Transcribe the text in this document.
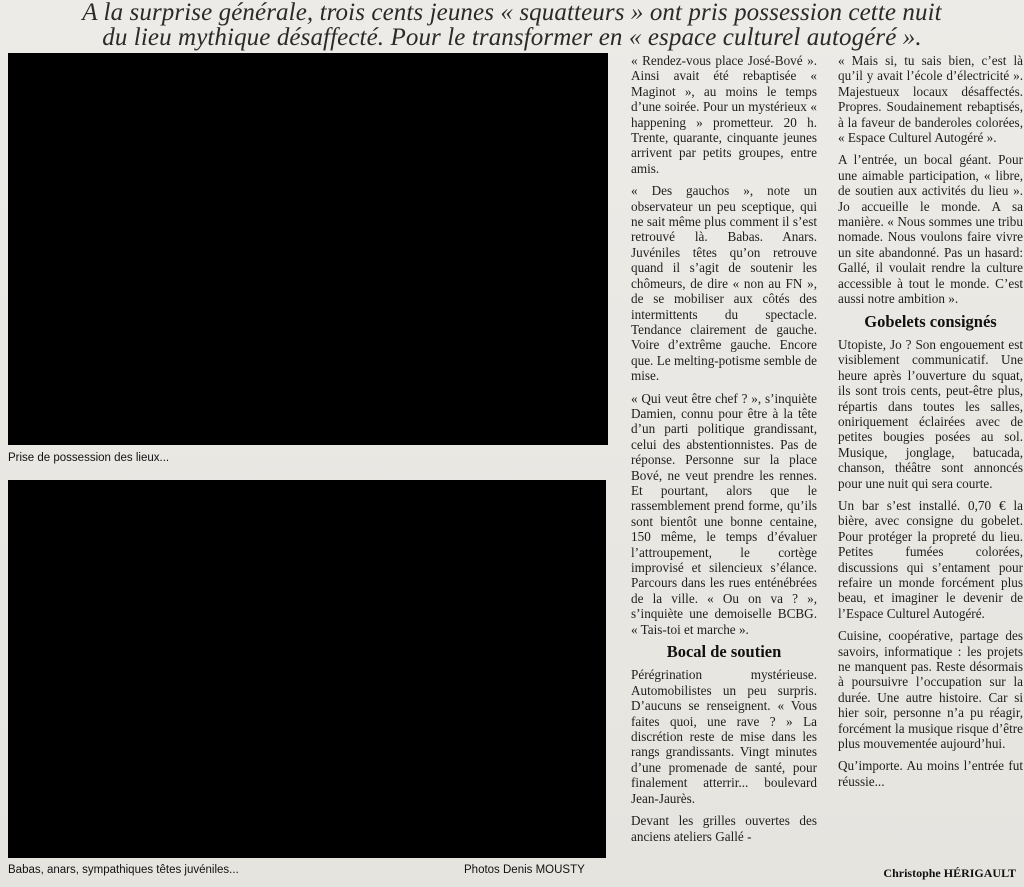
A la surprise générale, trois cents jeunes « squatteurs » ont pris possession cette nuit
du lieu mythique désaffecté. Pour le transformer en « espace culturel autogéré ».
Prise de possession des lieux...
Babas, anars, sympathiques têtes juvéniles...	Photos Denis MOUSTY

« Rendez-vous place José-Bové ». Ainsi avait été rebaptisée « Maginot », au moins le temps d’une soirée. Pour un mystérieux « happening » prometteur. 20 h. Trente, quarante, cinquante jeunes arrivent par petits groupes, entre amis.

« Des gauchos », note un observateur un peu sceptique, qui ne sait même plus comment il s’est retrouvé là. Babas. Anars. Juvéniles têtes qu’on retrouve quand il s’agit de soutenir les chômeurs, de dire « non au FN », de se mobiliser aux côtés des intermittents du spectacle. Tendance clairement de gauche. Voire d’extrême gauche. Encore que. Le melting-potisme semble de mise.

« Qui veut être chef ? », s’inquiète Damien, connu pour être à la tête d’un parti politique grandissant, celui des abstentionnistes. Pas de réponse. Personne sur la place Bové, ne veut prendre les rennes. Et pourtant, alors que le rassemblement prend forme, qu’ils sont bientôt une bonne centaine, 150 même, le temps d’évaluer l’attroupement, le cortège improvisé et silencieux s’élance. Parcours dans les rues enténébrées de la ville. « Ou on va ? », s’inquiète une demoiselle BCBG. « Tais-toi et marche ».

Bocal de soutien

Pérégrination mystérieuse. Automobilistes un peu surpris. D’aucuns se renseignent. « Vous faites quoi, une rave ? » La discrétion reste de mise dans les rangs grandissants. Vingt minutes d’une promenade de santé, pour finalement atterrir... boulevard Jean-Jaurès.

Devant les grilles ouvertes des anciens ateliers Gallé -

« Mais si, tu sais bien, c’est là qu’il y avait l’école d’électricité ». Majestueux locaux désaffectés. Propres. Soudainement rebaptisés, à la faveur de banderoles colorées, « Espace Culturel Autogéré ».

A l’entrée, un bocal géant. Pour une aimable participation, « libre, de soutien aux activités du lieu ». Jo accueille le monde. A sa manière. « Nous sommes une tribu nomade. Nous voulons faire vivre un site abandonné. Pas un hasard: Gallé, il voulait rendre la culture accessible à tout le monde. C’est aussi notre ambition ».

Gobelets consignés

Utopiste, Jo ? Son engouement est visiblement communicatif. Une heure après l’ouverture du squat, ils sont trois cents, peut-être plus, répartis dans toutes les salles, oniriquement éclairées avec de petites bougies posées au sol. Musique, jonglage, batucada, chanson, théâtre sont annoncés pour une nuit qui sera courte.

Un bar s’est installé. 0,70 € la bière, avec consigne du gobelet. Pour protéger la propreté du lieu. Petites fumées colorées, discussions qui s’entament pour refaire un monde forcément plus beau, et imaginer le devenir de l’Espace Culturel Autogéré.

Cuisine, coopérative, partage des savoirs, informatique : les projets ne manquent pas. Reste désormais à poursuivre l’occupation sur la durée. Une autre histoire. Car si hier soir, personne n’a pu réagir, forcément la musique risque d’être plus mouvementée aujourd’hui.

Qu’importe. Au moins l’entrée fut réussie...

Christophe HÉRIGAULT
